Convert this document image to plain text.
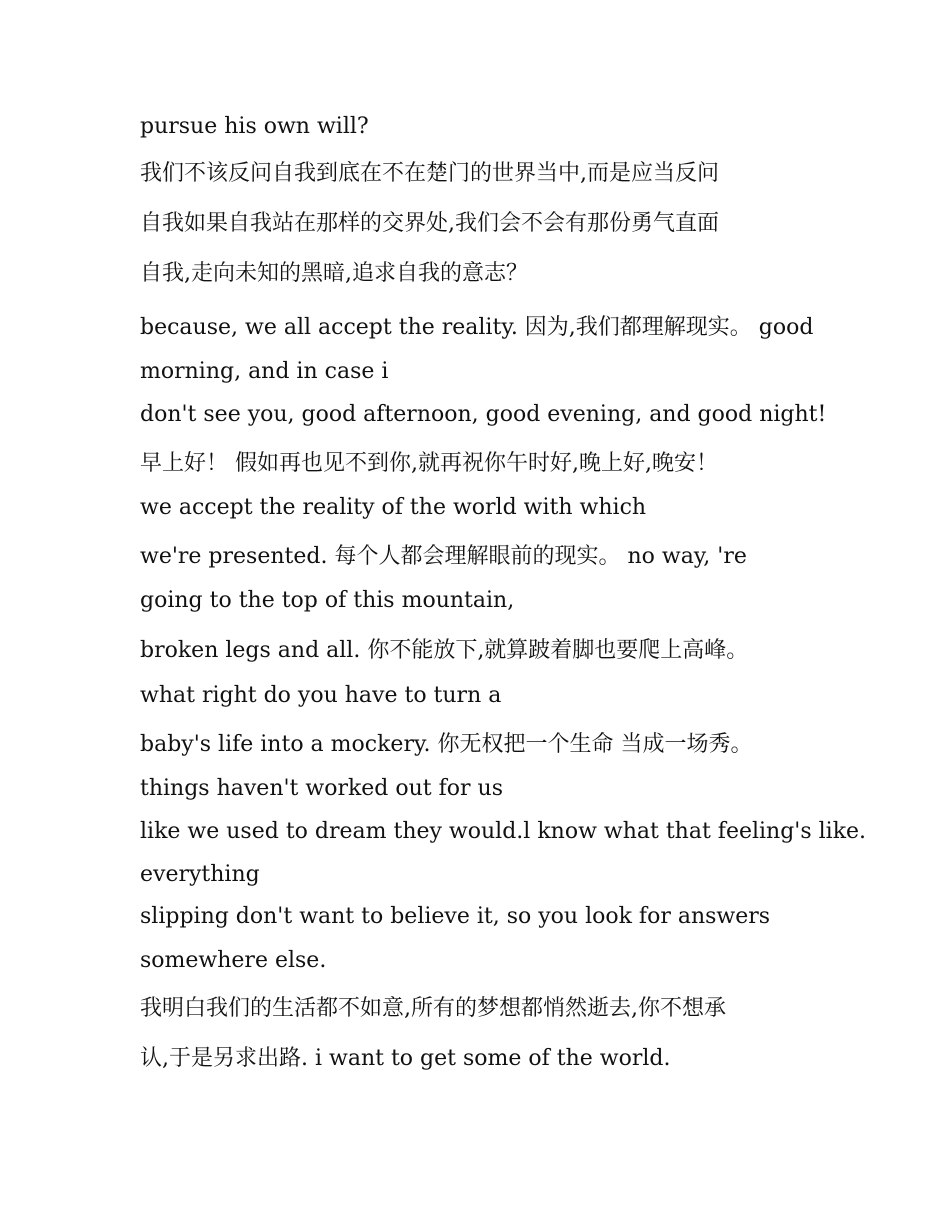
pursue his own will?

我们不该反问自我到底在不在楚门的世界当中,而是应当反问

自我如果自我站在那样的交界处,我们会不会有那份勇气直面

自我,走向未知的黑暗,追求自我的意志？

because, we all accept the reality. 因为,我们都理解现实。 good

morning, and in case i

don't see you, good afternoon, good evening, and good night!

早上好！ 假如再也见不到你,就再祝你午时好,晚上好,晚安！

we accept the reality of the world with which

we're presented. 每个人都会理解眼前的现实。 no way, 're

going to the top of this mountain,

broken legs and all. 你不能放下,就算跛着脚也要爬上高峰。

what right do you have to turn a

baby's life into a mockery. 你无权把一个生命 当成一场秀。

things haven't worked out for us

like we used to dream they would.l know what that feeling's like.

everything

slipping don't want to believe it, so you look for answers

somewhere else.

我明白我们的生活都不如意,所有的梦想都悄然逝去,你不想承

认,于是另求出路. i want to get some of the world.
